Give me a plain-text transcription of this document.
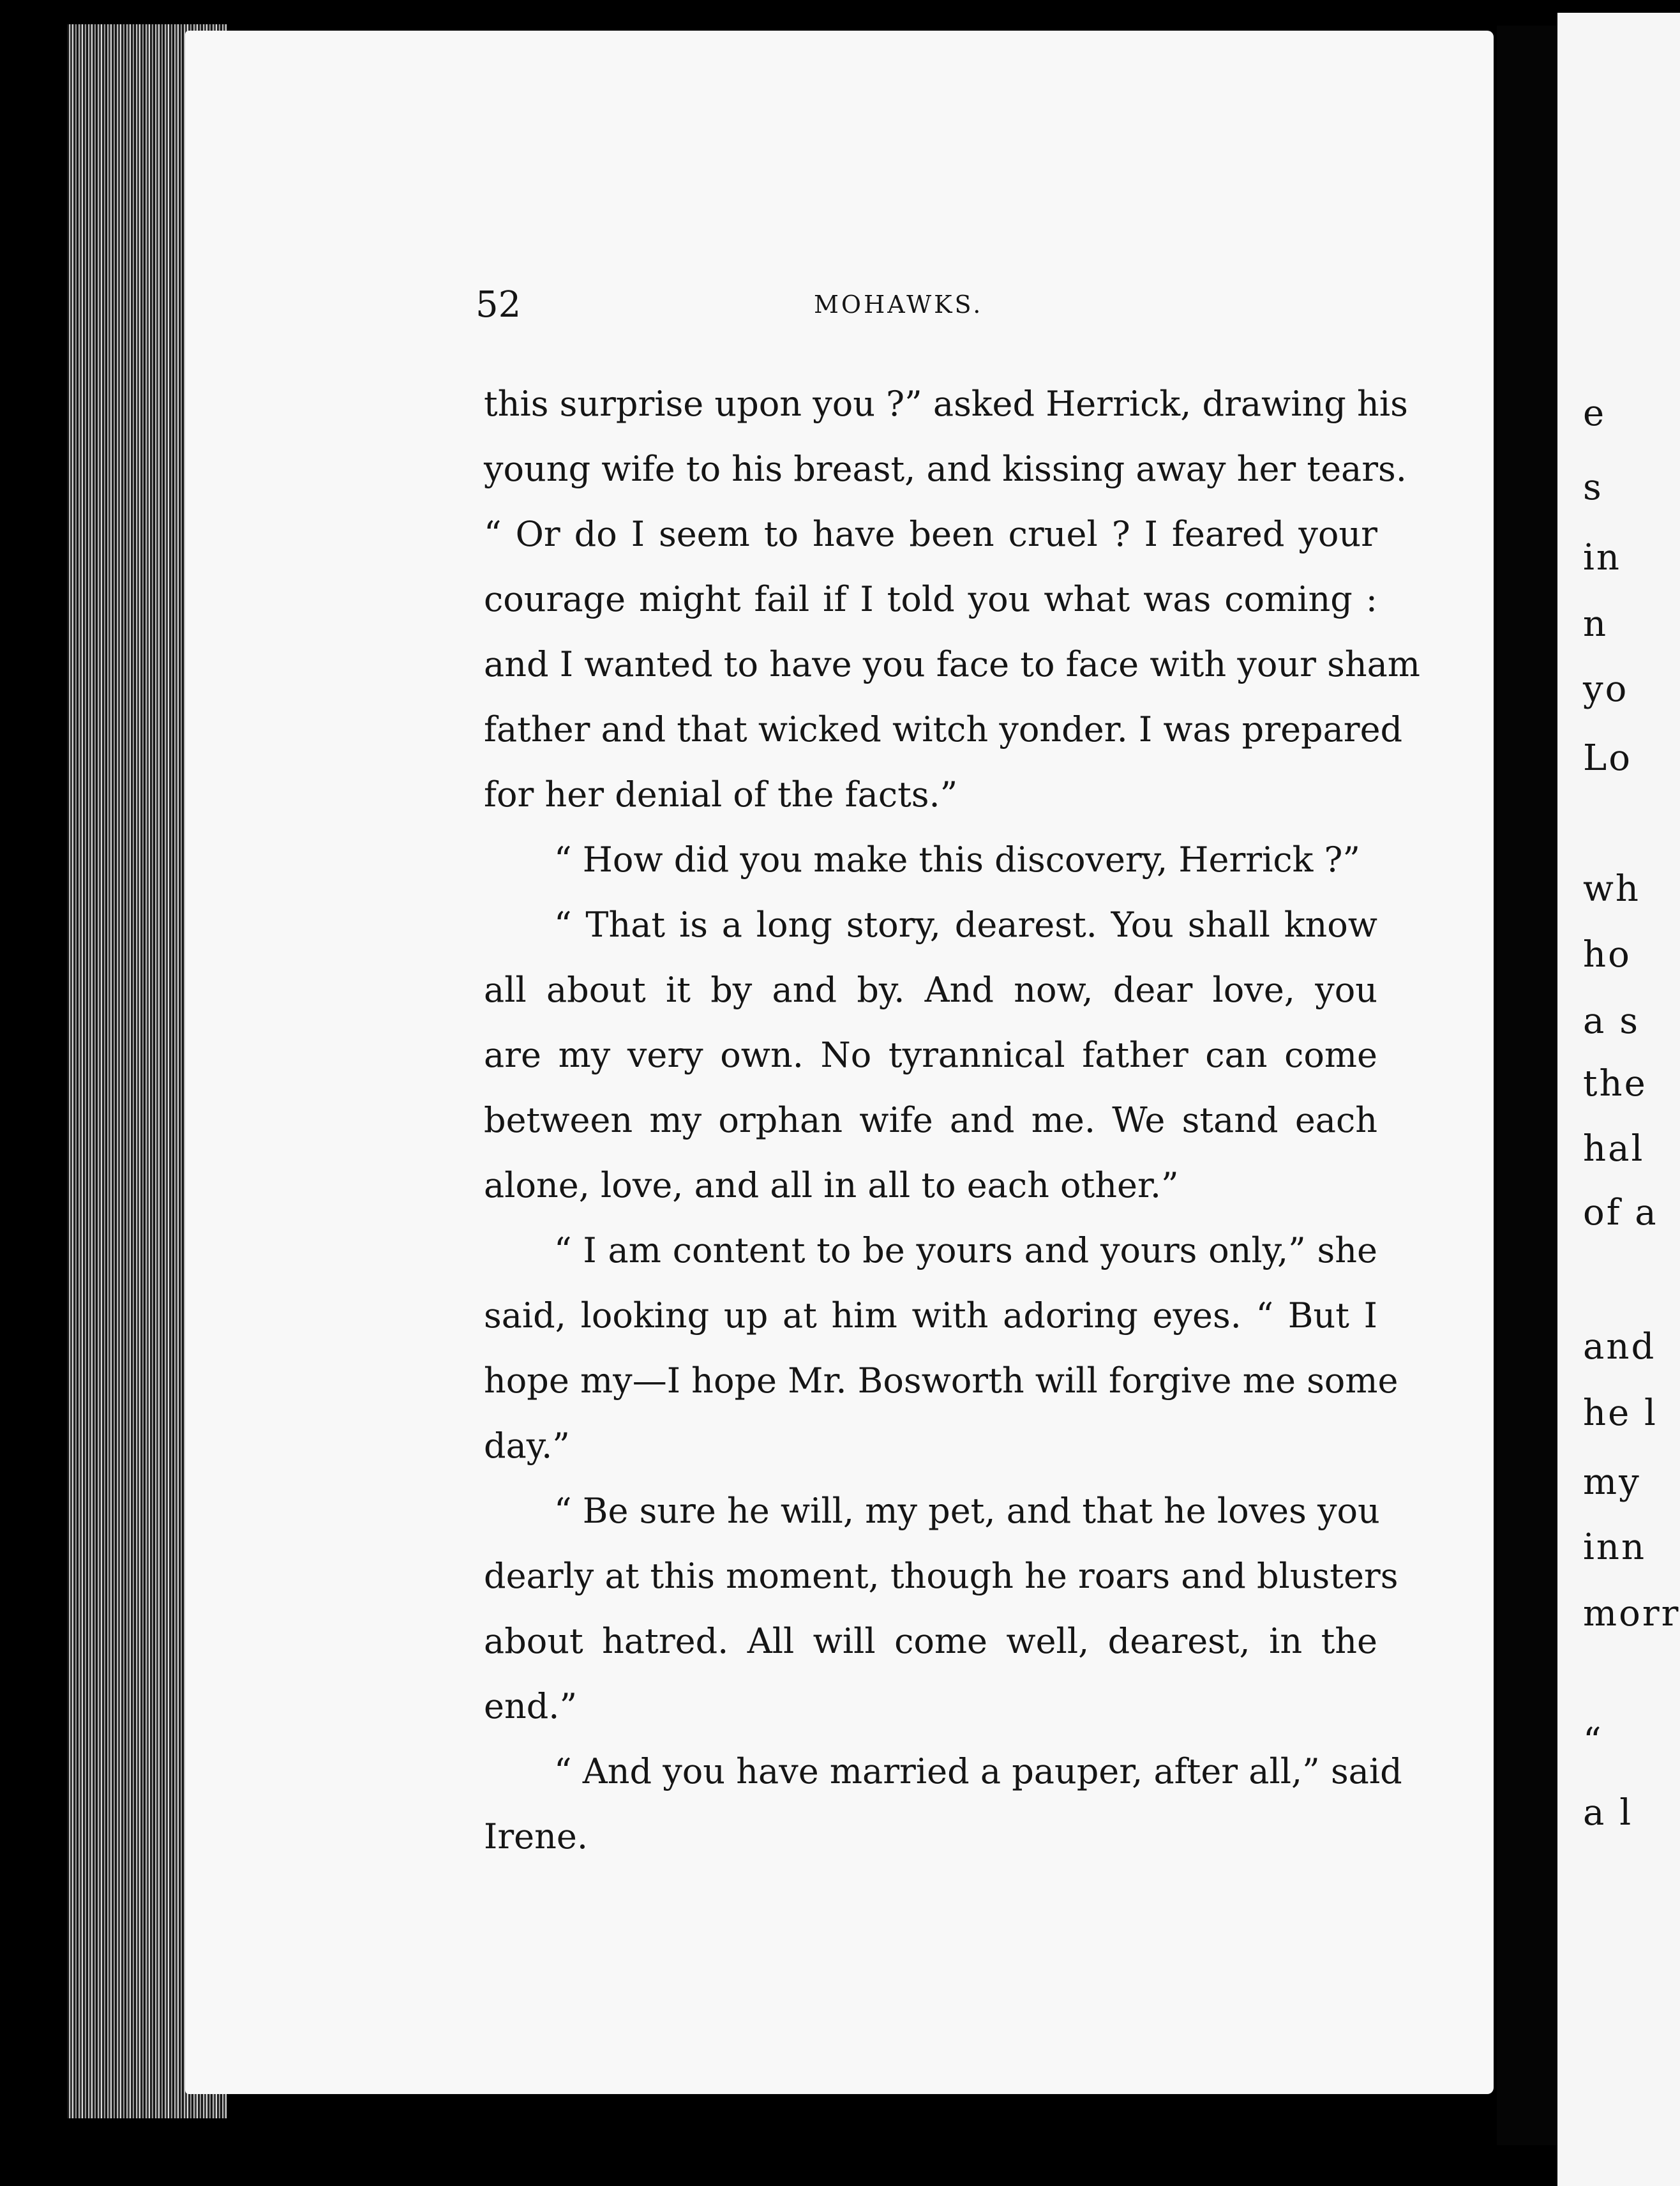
e
s
in
n
yo
Lo
wh
ho
a s
the
hal
of a
and
he l
my
inn
morr
“
a l
52	MOHAWKS.
this surprise upon you ?” asked Herrick, drawing his
young wife to his breast, and kissing away her tears.
“ Or do I seem to have been cruel ? I feared your
courage might fail if I told you what was coming :
and I wanted to have you face to face with your sham
father and that wicked witch yonder. I was prepared
for her denial of the facts.”
“ How did you make this discovery, Herrick ?”
“ That is a long story, dearest. You shall know
all about it by and by. And now, dear love, you
are my very own. No tyrannical father can come
between my orphan wife and me. We stand each
alone, love, and all in all to each other.”
“ I am content to be yours and yours only,” she
said, looking up at him with adoring eyes. “ But I
hope my—I hope Mr. Bosworth will forgive me some
day.”
“ Be sure he will, my pet, and that he loves you
dearly at this moment, though he roars and blusters
about hatred. All will come well, dearest, in the
end.”
“ And you have married a pauper, after all,” said
Irene.
